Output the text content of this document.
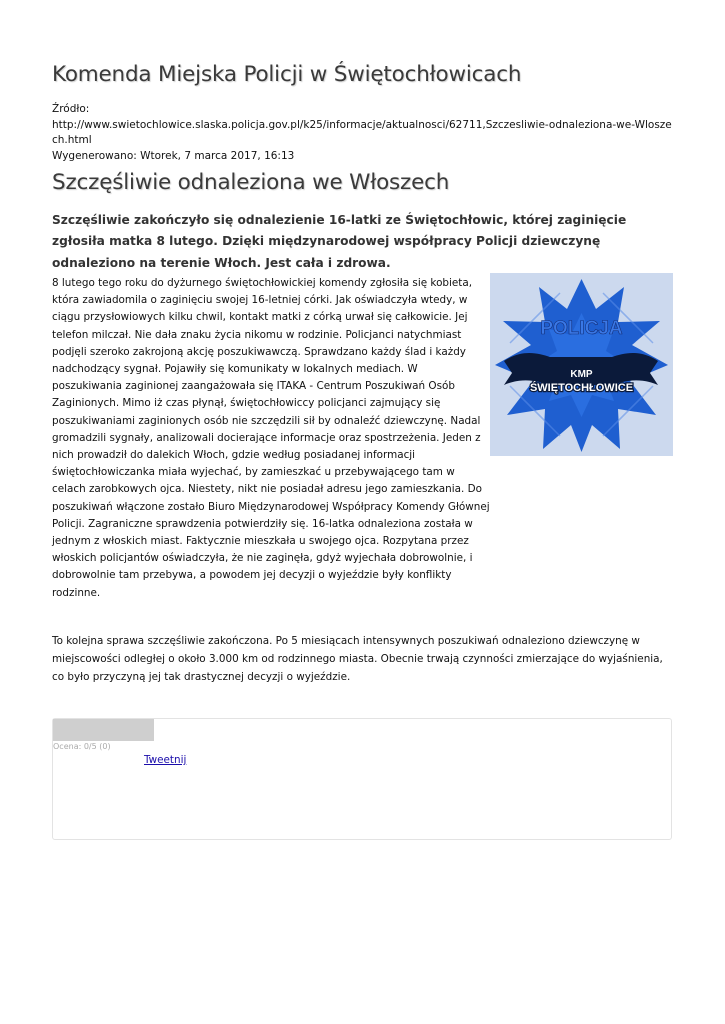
Komenda Miejska Policji w Świętochłowicach
Źródło:
http://www.swietochlowice.slaska.policja.gov.pl/k25/informacje/aktualnosci/62711,Szczesliwie-odnaleziona-we-Wloszech.html
Wygenerowano: Wtorek, 7 marca 2017, 16:13
Szczęśliwie odnaleziona we Włoszech

Szczęśliwie zakończyło się odnalezienie 16-latki ze Świętochłowic, której zaginięcie zgłosiła matka 8 lutego. Dzięki międzynarodowej współpracy Policji dziewczynę odnaleziono na terenie Włoch. Jest cała i zdrowa.

8 lutego tego roku do dyżurnego świętochłowickiej komendy zgłosiła się kobieta, która zawiadomila o zaginięciu swojej 16-letniej córki. Jak oświadczyła wtedy, w ciągu przysłowiowych kilku chwil, kontakt matki z córką urwał się całkowicie. Jej telefon milczał. Nie dała znaku życia nikomu w rodzinie. Policjanci natychmiast podjęli szeroko zakrojoną akcję poszukiwawczą. Sprawdzano każdy ślad i każdy nadchodzący sygnał. Pojawiły się komunikaty w lokalnych mediach. W poszukiwania zaginionej zaangażowała się ITAKA - Centrum Poszukiwań Osób Zaginionych. Mimo iż czas płynął, świętochłowiccy policjanci zajmujący się poszukiwaniami zaginionych osób nie szczędzili sił by odnaleźć dziewczynę. Nadal gromadzili sygnały, analizowali docierające informacje oraz spostrzeżenia. Jeden z nich prowadził do dalekich Włoch, gdzie według posiadanej informacji świętochłowiczanka miała wyjechać, by zamieszkać u przebywającego tam w celach zarobkowych ojca. Niestety, nikt nie posiadał adresu jego zamieszkania. Do poszukiwań włączone zostało Biuro Międzynarodowej Współpracy Komendy Głównej Policji. Zagraniczne sprawdzenia potwierdziły się. 16-latka odnaleziona została w jednym z włoskich miast. Faktycznie mieszkała u swojego ojca. Rozpytana przez włoskich policjantów oświadczyła, że nie zaginęła, gdyż wyjechała dobrowolnie, i dobrowolnie tam przebywa, a powodem jej decyzji o wyjeździe były konflikty rodzinne.

POLICJA
KMP
ŚWIĘTOCHŁOWICE

To kolejna sprawa szczęśliwie zakończona. Po 5 miesiącach intensywnych poszukiwań odnaleziono dziewczynę w miejscowości odległej o około 3.000 km od rodzinnego miasta. Obecnie trwają czynności zmierzające do wyjaśnienia, co było przyczyną jej tak drastycznej decyzji o wyjeździe.

Ocena: 0/5 (0)
Tweetnij
